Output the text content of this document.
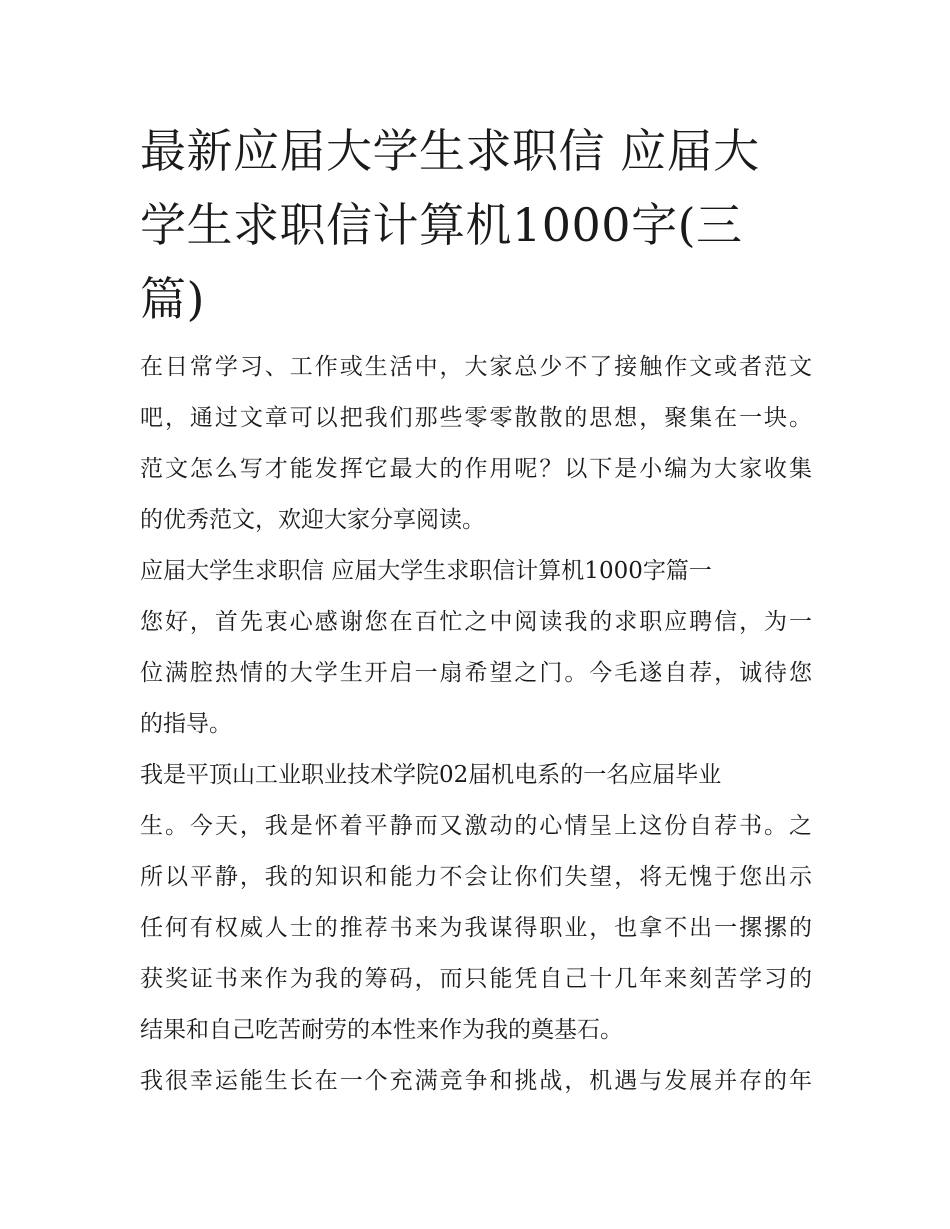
最新应届大学生求职信 应届大
学生求职信计算机1000字(三
篇)

在日常学习、工作或生活中，大家总少不了接触作文或者范文
吧，通过文章可以把我们那些零零散散的思想，聚集在一块。
范文怎么写才能发挥它最大的作用呢？以下是小编为大家收集
的优秀范文，欢迎大家分享阅读。

应届大学生求职信 应届大学生求职信计算机1000字篇一

您好，首先衷心感谢您在百忙之中阅读我的求职应聘信，为一
位满腔热情的大学生开启一扇希望之门。今毛遂自荐，诚待您
的指导。

我是平顶山工业职业技术学院02届机电系的一名应届毕业
生。今天，我是怀着平静而又激动的心情呈上这份自荐书。之
所以平静，我的知识和能力不会让你们失望，将无愧于您出示
任何有权威人士的推荐书来为我谋得职业，也拿不出一摞摞的
获奖证书来作为我的筹码，而只能凭自己十几年来刻苦学习的
结果和自己吃苦耐劳的本性来作为我的奠基石。

我很幸运能生长在一个充满竞争和挑战，机遇与发展并存的年
